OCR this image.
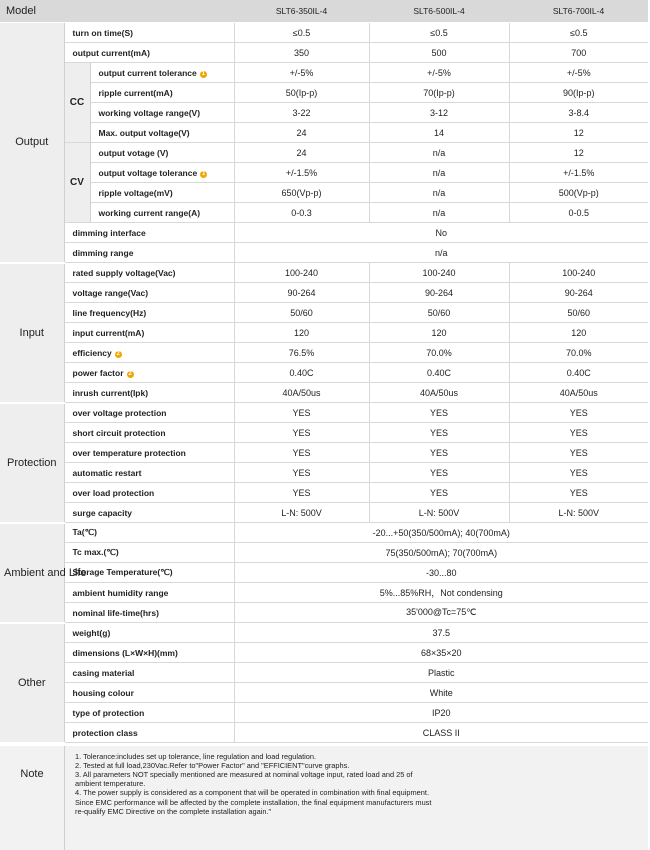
Model			SLT6-350IL-4	SLT6-500IL-4	SLT6-700IL-4
Output	turn on time(S)		≤0.5	≤0.5	≤0.5
	output current(mA)		350	500	700
	CC	output current tolerance 1	+/-5%	+/-5%	+/-5%
		ripple current(mA)	50(Ip-p)	70(Ip-p)	90(Ip-p)
		working voltage range(V)	3-22	3-12	3-8.4
		Max. output voltage(V)	24	14	12
	CV	output votage (V)	24	n/a	12
		output voltage tolerance 1	+/-1.5%	n/a	+/-1.5%
		ripple voltage(mV)	650(Vp-p)	n/a	500(Vp-p)
		working current range(A)	0-0.3	n/a	0-0.5
	dimming interface		No		
	dimming range		n/a		
Input	rated supply voltage(Vac)		100-240	100-240	100-240
	voltage range(Vac)		90-264	90-264	90-264
	line frequency(Hz)		50/60	50/60	50/60
	input current(mA)		120	120	120
	efficiency 2		76.5%	70.0%	70.0%
	power factor 2		0.40C	0.40C	0.40C
	inrush current(Ipk)		40A/50us	40A/50us	40A/50us
Protection	over voltage protection		YES	YES	YES
	short circuit protection		YES	YES	YES
	over temperature protection		YES	YES	YES
	automatic restart		YES	YES	YES
	over load protection		YES	YES	YES
	surge capacity		L-N: 500V	L-N: 500V	L-N: 500V
Ambient and Life	Ta(℃)		-20...+50(350/500mA); 40(700mA)		
	Tc max.(℃)		75(350/500mA); 70(700mA)		
	Storage Temperature(℃)		-30...80		
	ambient humidity range		5%...85%RH，Not condensing		
	nominal life-time(hrs)		35'000@Tc=75℃		
Other	weight(g)		37.5		
	dimensions (L×W×H)(mm)		68×35×20		
	casing material		Plastic		
	housing colour		White		
	type of protection		IP20		
	protection class		CLASS II		
Note
1. Tolerance:includes set up tolerance, line regulation and load regulation.
2. Tested at full load,230Vac.Refer to"Power Factor" and "EFFICIENT"curve graphs.
3. All parameters NOT specially mentioned are measured at nominal voltage input, rated load and 25 of
ambient temperature.
4. The power supply is considered as a component that will be operated in combination with final equipment.
Since EMC performance will be affected by the complete installation, the final equipment manufacturers must
re-qualify EMC Directive on the complete installation again."
